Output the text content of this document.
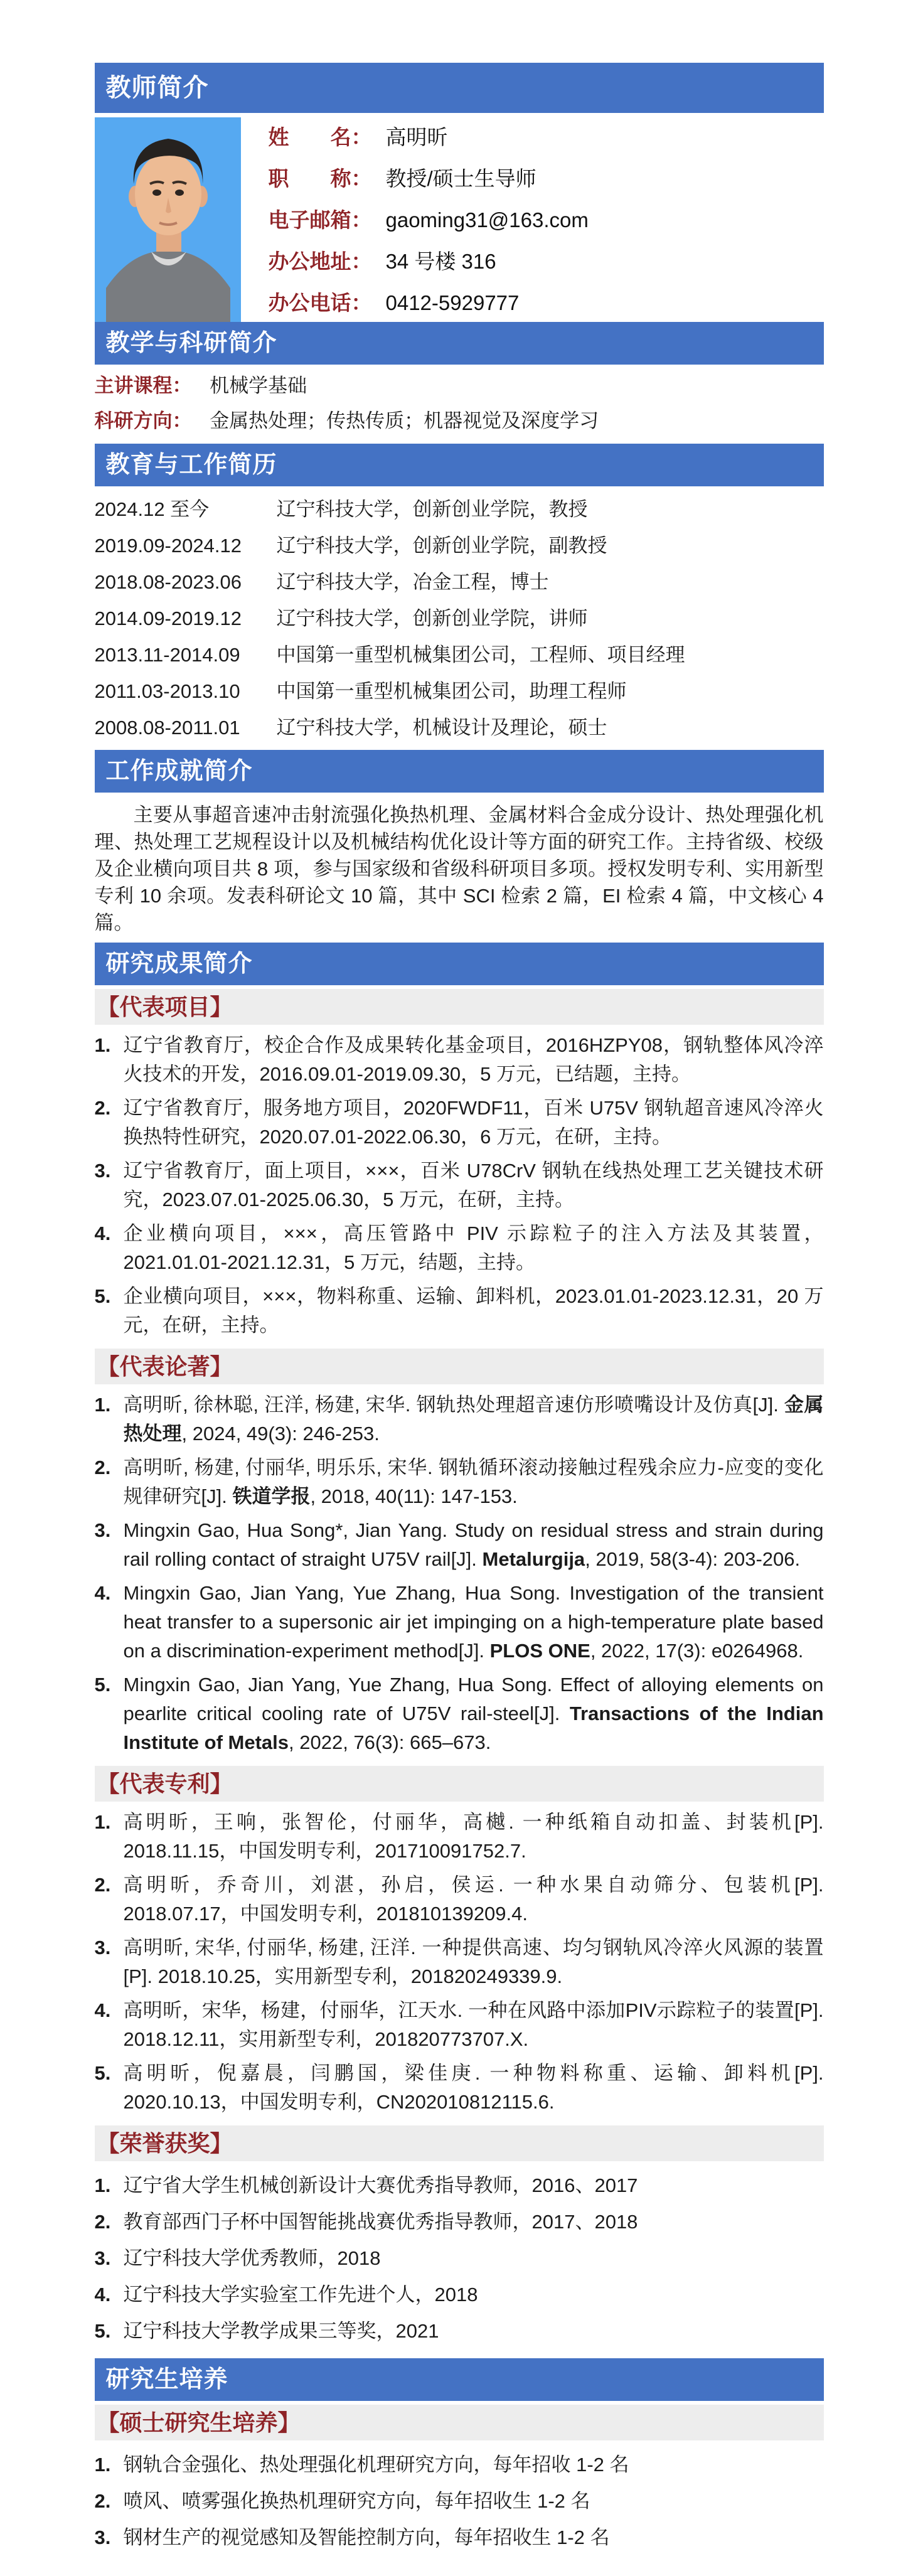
教师简介
姓　　名： 高明昕
职　　称： 教授/硕士生导师
电子邮箱： gaoming31@163.com
办公地址： 34 号楼 316
办公电话： 0412-5929777
教学与科研简介
主讲课程： 机械学基础
科研方向： 金属热处理；传热传质；机器视觉及深度学习
教育与工作简历
2024.12 至今	辽宁科技大学，创新创业学院，教授
2019.09-2024.12	辽宁科技大学，创新创业学院，副教授
2018.08-2023.06	辽宁科技大学，冶金工程，博士
2014.09-2019.12	辽宁科技大学，创新创业学院，讲师
2013.11-2014.09	中国第一重型机械集团公司，工程师、项目经理
2011.03-2013.10	中国第一重型机械集团公司，助理工程师
2008.08-2011.01	辽宁科技大学，机械设计及理论，硕士
工作成就简介

主要从事超音速冲击射流强化换热机理、金属材料合金成分设计、热处理强化机理、热处理工艺规程设计以及机械结构优化设计等方面的研究工作。主持省级、校级及企业横向项目共 8 项，参与国家级和省级科研项目多项。授权发明专利、实用新型专利 10 余项。发表科研论文 10 篇，其中 SCI 检索 2 篇，EI 检索 4 篇，中文核心 4 篇。

研究成果简介
【代表项目】
辽宁省教育厅，校企合作及成果转化基金项目，2016HZPY08，钢轨整体风冷淬火技术的开发，2016.09.01-2019.09.30，5 万元，已结题，主持。
辽宁省教育厅，服务地方项目，2020FWDF11，百米 U75V 钢轨超音速风冷淬火换热特性研究，2020.07.01-2022.06.30，6 万元，在研，主持。
辽宁省教育厅，面上项目，×××，百米 U78CrV 钢轨在线热处理工艺关键技术研究，2023.07.01-2025.06.30，5 万元，在研，主持。
企业横向项目，×××，高压管路中 PIV 示踪粒子的注入方法及其装置，2021.01.01-2021.12.31，5 万元，结题，主持。
企业横向项目，×××，物料称重、运输、卸料机，2023.01.01-2023.12.31，20 万元，在研，主持。
【代表论著】
高明昕, 徐林聪, 汪洋, 杨建, 宋华. 钢轨热处理超音速仿形喷嘴设计及仿真[J]. 金属热处理, 2024, 49(3): 246-253.
高明昕, 杨建, 付丽华, 明乐乐, 宋华. 钢轨循环滚动接触过程残余应力-应变的变化规律研究[J]. 铁道学报, 2018, 40(11): 147-153.
Mingxin Gao, Hua Song*, Jian Yang. Study on residual stress and strain during rail rolling contact of straight U75V rail[J]. Metalurgija, 2019, 58(3-4): 203-206.
Mingxin Gao, Jian Yang, Yue Zhang, Hua Song. Investigation of the transient heat transfer to a supersonic air jet impinging on a high-temperature plate based on a discrimination-experiment method[J]. PLOS ONE, 2022, 17(3): e0264968.
Mingxin Gao, Jian Yang, Yue Zhang, Hua Song. Effect of alloying elements on pearlite critical cooling rate of U75V rail-steel[J]. Transactions of the Indian Institute of Metals, 2022, 76(3): 665–673.
【代表专利】
高明昕，王响，张智伦，付丽华，高樾. 一种纸箱自动扣盖、封装机[P]. 2018.11.15，中国发明专利，201710091752.7.
高明昕，乔奇川，刘湛，孙启，侯运. 一种水果自动筛分、包装机[P]. 2018.07.17，中国发明专利，201810139209.4.
高明昕, 宋华, 付丽华, 杨建, 汪洋. 一种提供高速、均匀钢轨风冷淬火风源的装置[P]. 2018.10.25，实用新型专利，201820249339.9.
高明昕，宋华，杨建，付丽华，江天水. 一种在风路中添加PIV示踪粒子的装置[P]. 2018.12.11，实用新型专利，201820773707.X.
高明昕，倪嘉晨，闫鹏国，梁佳庚. 一种物料称重、运输、卸料机[P]. 2020.10.13，中国发明专利，CN202010812115.6.
【荣誉获奖】
辽宁省大学生机械创新设计大赛优秀指导教师，2016、2017
教育部西门子杯中国智能挑战赛优秀指导教师，2017、2018
辽宁科技大学优秀教师，2018
辽宁科技大学实验室工作先进个人，2018
辽宁科技大学教学成果三等奖，2021
研究生培养
【硕士研究生培养】
钢轨合金强化、热处理强化机理研究方向，每年招收 1-2 名
喷风、喷雾强化换热机理研究方向，每年招收生 1-2 名
钢材生产的视觉感知及智能控制方向，每年招收生 1-2 名
